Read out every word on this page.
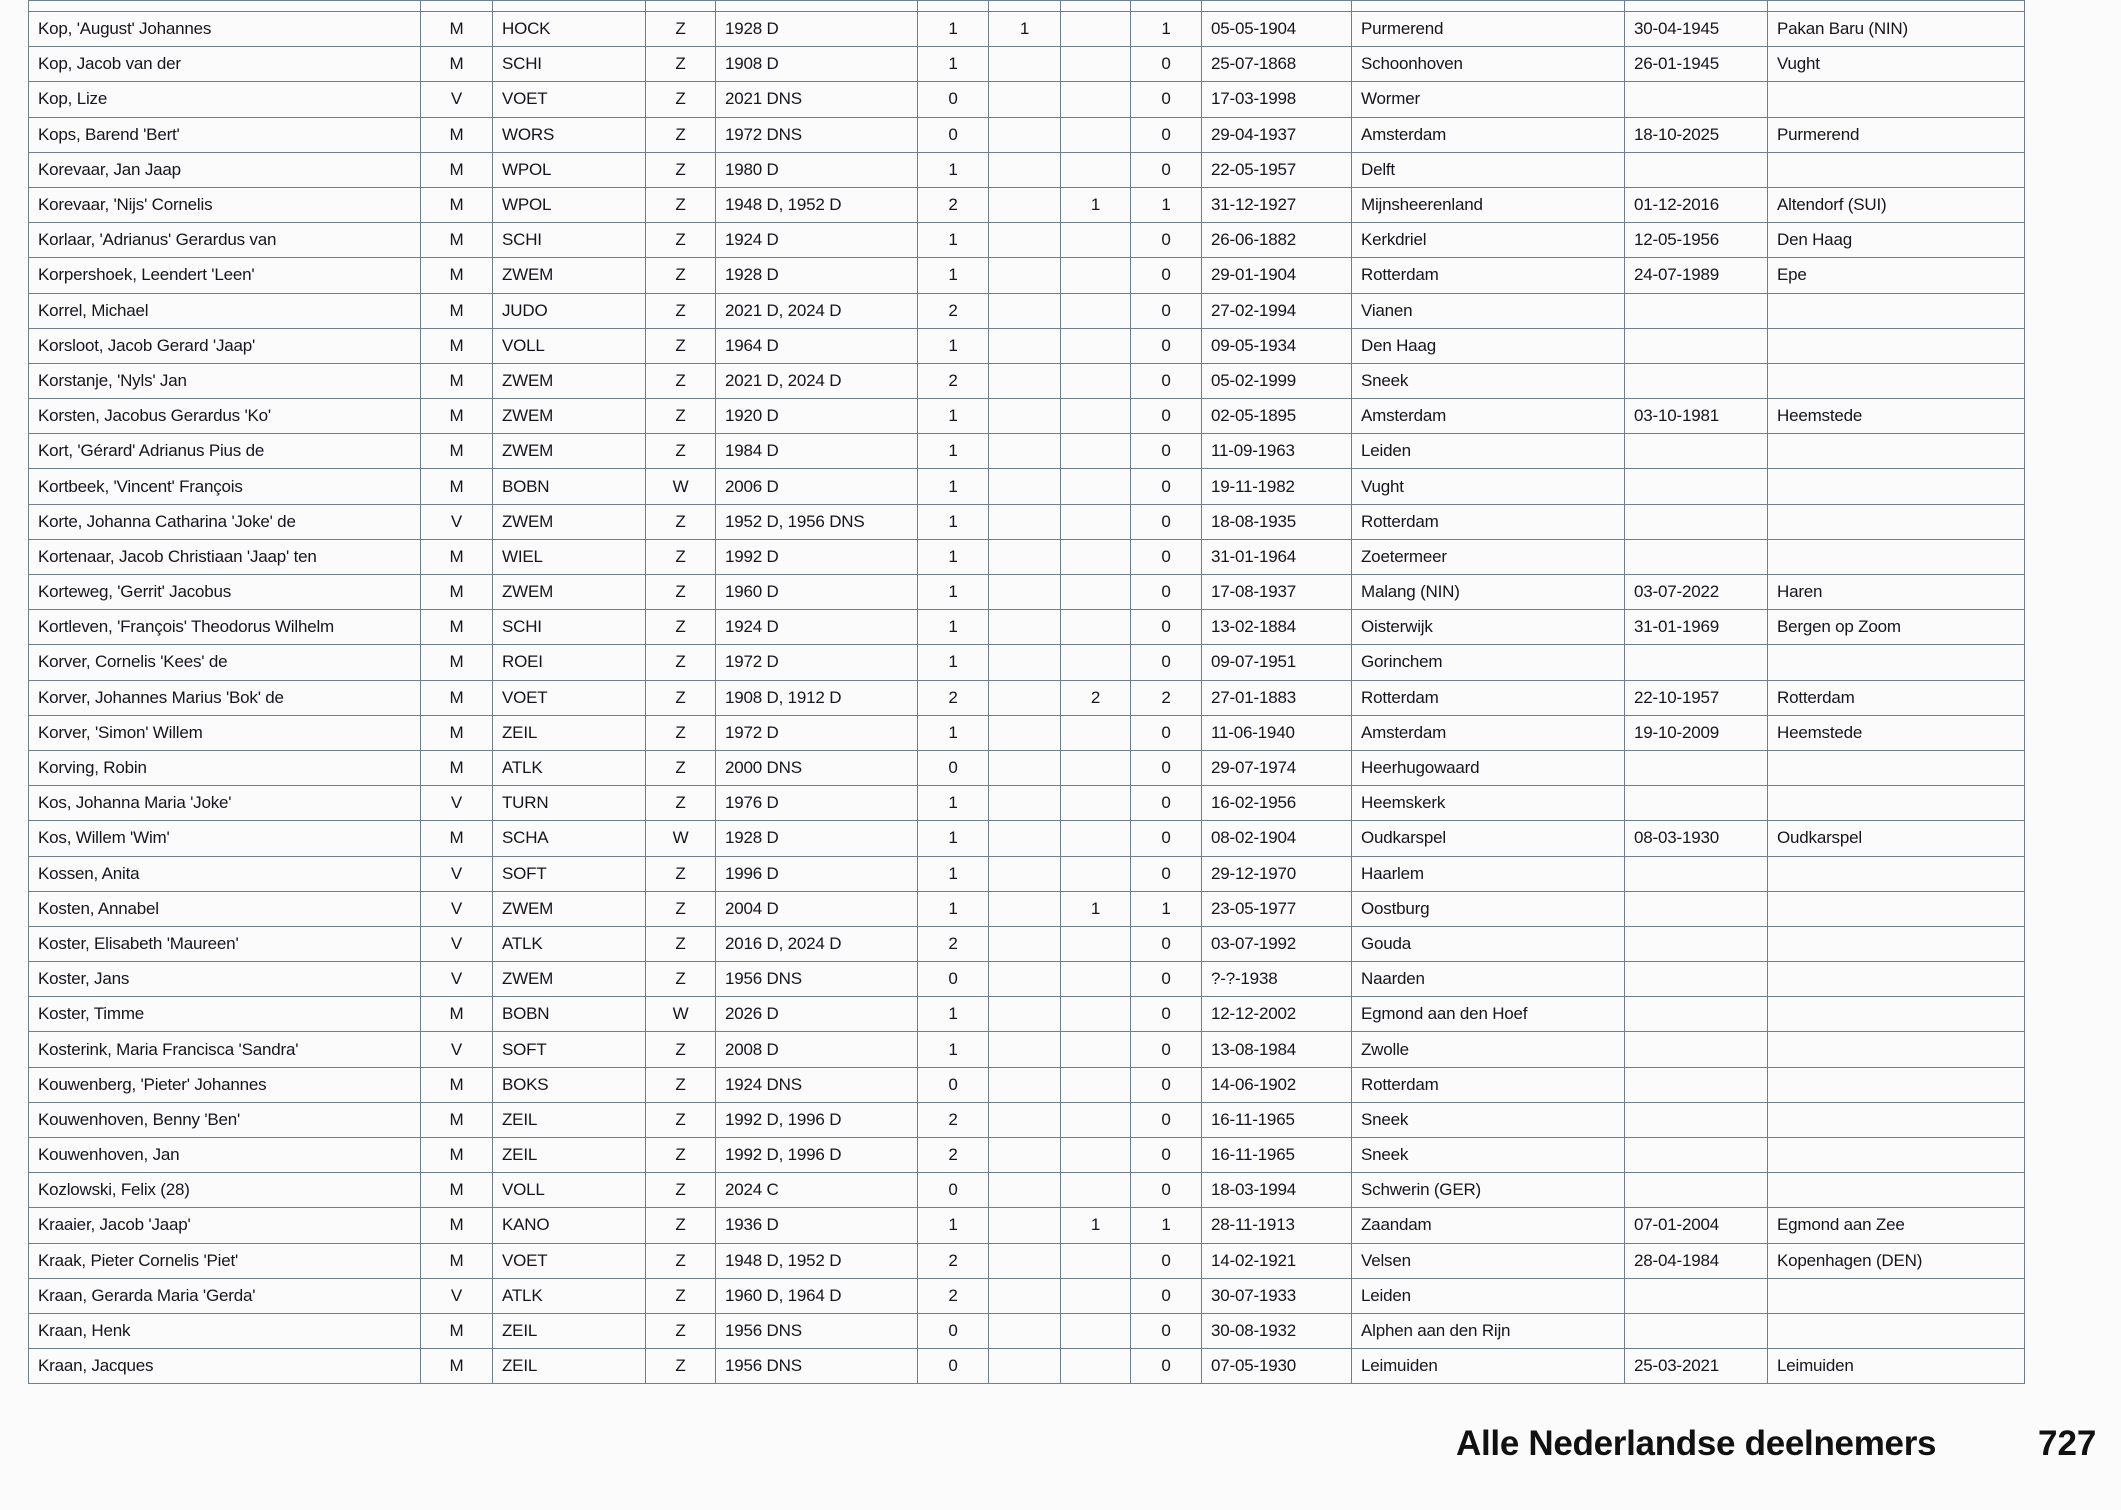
Kop, 'August' Johannes	M	HOCK	Z	1928 D	1	1		1	05-05-1904	Purmerend	30-04-1945	Pakan Baru (NIN)
Kop, Jacob van der	M	SCHI	Z	1908 D	1			0	25-07-1868	Schoonhoven	26-01-1945	Vught
Kop, Lize	V	VOET	Z	2021 DNS	0			0	17-03-1998	Wormer		
Kops, Barend 'Bert'	M	WORS	Z	1972 DNS	0			0	29-04-1937	Amsterdam	18-10-2025	Purmerend
Korevaar, Jan Jaap	M	WPOL	Z	1980 D	1			0	22-05-1957	Delft		
Korevaar, 'Nijs' Cornelis	M	WPOL	Z	1948 D, 1952 D	2		1	1	31-12-1927	Mijnsheerenland	01-12-2016	Altendorf (SUI)
Korlaar, 'Adrianus' Gerardus van	M	SCHI	Z	1924 D	1			0	26-06-1882	Kerkdriel	12-05-1956	Den Haag
Korpershoek, Leendert 'Leen'	M	ZWEM	Z	1928 D	1			0	29-01-1904	Rotterdam	24-07-1989	Epe
Korrel, Michael	M	JUDO	Z	2021 D, 2024 D	2			0	27-02-1994	Vianen		
Korsloot, Jacob Gerard 'Jaap'	M	VOLL	Z	1964 D	1			0	09-05-1934	Den Haag		
Korstanje, 'Nyls' Jan	M	ZWEM	Z	2021 D, 2024 D	2			0	05-02-1999	Sneek		
Korsten, Jacobus Gerardus 'Ko'	M	ZWEM	Z	1920 D	1			0	02-05-1895	Amsterdam	03-10-1981	Heemstede
Kort, 'Gérard' Adrianus Pius de	M	ZWEM	Z	1984 D	1			0	11-09-1963	Leiden		
Kortbeek, 'Vincent' François	M	BOBN	W	2006 D	1			0	19-11-1982	Vught		
Korte, Johanna Catharina 'Joke' de	V	ZWEM	Z	1952 D, 1956 DNS	1			0	18-08-1935	Rotterdam		
Kortenaar, Jacob Christiaan 'Jaap' ten	M	WIEL	Z	1992 D	1			0	31-01-1964	Zoetermeer		
Korteweg, 'Gerrit' Jacobus	M	ZWEM	Z	1960 D	1			0	17-08-1937	Malang (NIN)	03-07-2022	Haren
Kortleven, 'François' Theodorus Wilhelm	M	SCHI	Z	1924 D	1			0	13-02-1884	Oisterwijk	31-01-1969	Bergen op Zoom
Korver, Cornelis 'Kees' de	M	ROEI	Z	1972 D	1			0	09-07-1951	Gorinchem		
Korver, Johannes Marius 'Bok' de	M	VOET	Z	1908 D, 1912 D	2		2	2	27-01-1883	Rotterdam	22-10-1957	Rotterdam
Korver, 'Simon' Willem	M	ZEIL	Z	1972 D	1			0	11-06-1940	Amsterdam	19-10-2009	Heemstede
Korving, Robin	M	ATLK	Z	2000 DNS	0			0	29-07-1974	Heerhugowaard		
Kos, Johanna Maria 'Joke'	V	TURN	Z	1976 D	1			0	16-02-1956	Heemskerk		
Kos, Willem 'Wim'	M	SCHA	W	1928 D	1			0	08-02-1904	Oudkarspel	08-03-1930	Oudkarspel
Kossen, Anita	V	SOFT	Z	1996 D	1			0	29-12-1970	Haarlem		
Kosten, Annabel	V	ZWEM	Z	2004 D	1		1	1	23-05-1977	Oostburg		
Koster, Elisabeth 'Maureen'	V	ATLK	Z	2016 D, 2024 D	2			0	03-07-1992	Gouda		
Koster, Jans	V	ZWEM	Z	1956 DNS	0			0	?-?-1938	Naarden		
Koster, Timme	M	BOBN	W	2026 D	1			0	12-12-2002	Egmond aan den Hoef		
Kosterink, Maria Francisca 'Sandra'	V	SOFT	Z	2008 D	1			0	13-08-1984	Zwolle		
Kouwenberg, 'Pieter' Johannes	M	BOKS	Z	1924 DNS	0			0	14-06-1902	Rotterdam		
Kouwenhoven, Benny 'Ben'	M	ZEIL	Z	1992 D, 1996 D	2			0	16-11-1965	Sneek		
Kouwenhoven, Jan	M	ZEIL	Z	1992 D, 1996 D	2			0	16-11-1965	Sneek		
Kozlowski, Felix (28)	M	VOLL	Z	2024 C	0			0	18-03-1994	Schwerin (GER)		
Kraaier, Jacob 'Jaap'	M	KANO	Z	1936 D	1		1	1	28-11-1913	Zaandam	07-01-2004	Egmond aan Zee
Kraak, Pieter Cornelis 'Piet'	M	VOET	Z	1948 D, 1952 D	2			0	14-02-1921	Velsen	28-04-1984	Kopenhagen (DEN)
Kraan, Gerarda Maria 'Gerda'	V	ATLK	Z	1960 D, 1964 D	2			0	30-07-1933	Leiden		
Kraan, Henk	M	ZEIL	Z	1956 DNS	0			0	30-08-1932	Alphen aan den Rijn		
Kraan, Jacques	M	ZEIL	Z	1956 DNS	0			0	07-05-1930	Leimuiden	25-03-2021	Leimuiden
Alle Nederlandse deelnemers	727
